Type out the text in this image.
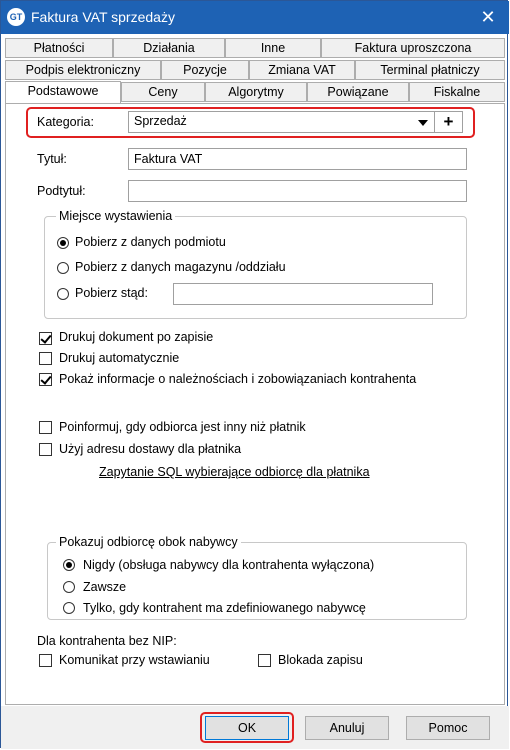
GT Faktura VAT sprzedaży	✕
Płatności	Działania	Inne	Faktura uproszczona
Podpis elektroniczny	Pozycje	Zmiana VAT	Terminal płatniczy
Ceny	Algorytmy	Powiązane	Fiskalne
Podstawowe
Kategoria:	Sprzedaż	+
Tytuł:	Faktura VAT
Podtytuł:
Miejsce wystawienia
Pobierz z danych podmiotu
Pobierz z danych magazynu /oddziału
Pobierz stąd:
Drukuj dokument po zapisie
Drukuj automatycznie
Pokaż informacje o należnościach i zobowiązaniach kontrahenta
Poinformuj, gdy odbiorca jest inny niż płatnik
Użyj adresu dostawy dla płatnika
Zapytanie SQL wybierające odbiorcę dla płatnika
Pokazuj odbiorcę obok nabywcy
Nigdy (obsługa nabywcy dla kontrahenta wyłączona)
Zawsze
Tylko, gdy kontrahent ma zdefiniowanego nabywcę
Dla kontrahenta bez NIP:
Komunikat przy wstawianiu	Blokada zapisu
OK	Anuluj	Pomoc
